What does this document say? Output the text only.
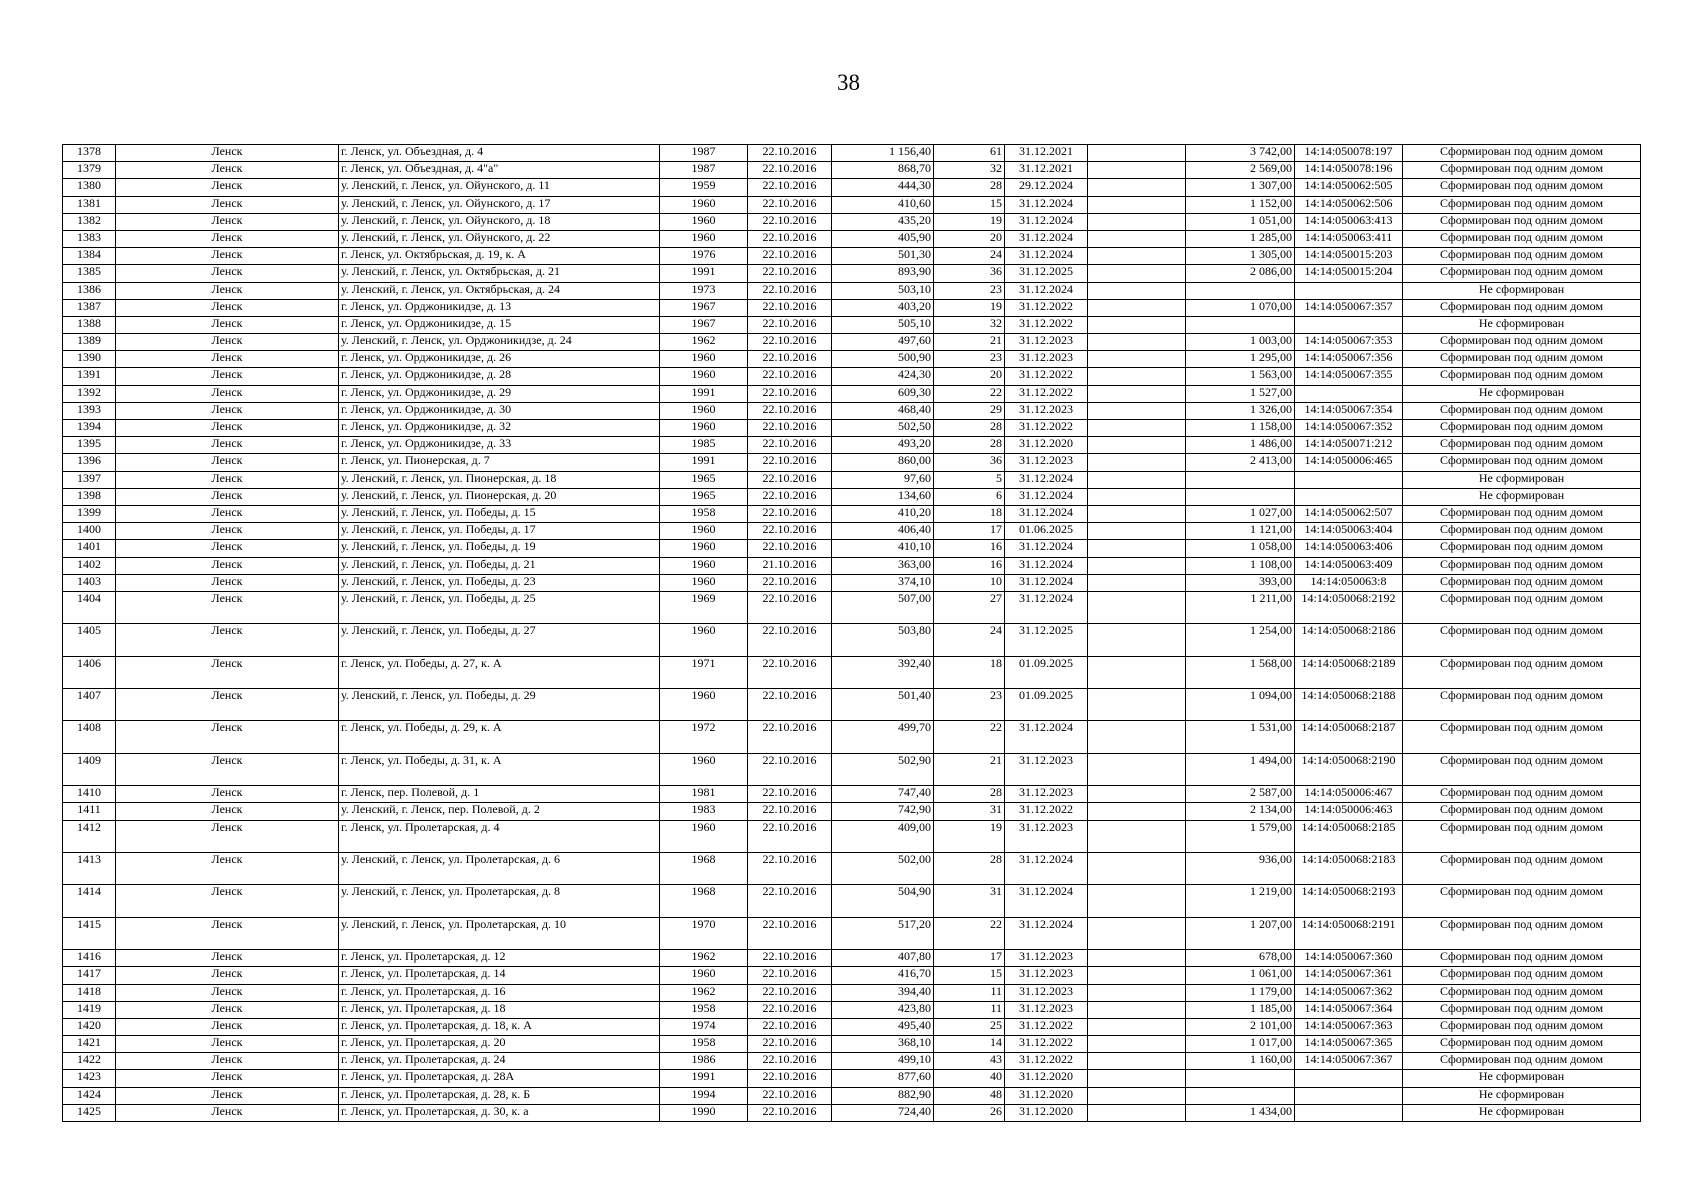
38
1378	Ленск	г. Ленск, ул. Объездная, д. 4	1987	22.10.2016	1 156,40	61	31.12.2021		3 742,00	14:14:050078:197	Сформирован под одним домом
1379	Ленск	г. Ленск, ул. Объездная, д. 4"а"	1987	22.10.2016	868,70	32	31.12.2021		2 569,00	14:14:050078:196	Сформирован под одним домом
1380	Ленск	у. Ленский, г. Ленск, ул. Ойунского, д. 11	1959	22.10.2016	444,30	28	29.12.2024		1 307,00	14:14:050062:505	Сформирован под одним домом
1381	Ленск	у. Ленский, г. Ленск, ул. Ойунского, д. 17	1960	22.10.2016	410,60	15	31.12.2024		1 152,00	14:14:050062:506	Сформирован под одним домом
1382	Ленск	у. Ленский, г. Ленск, ул. Ойунского, д. 18	1960	22.10.2016	435,20	19	31.12.2024		1 051,00	14:14:050063:413	Сформирован под одним домом
1383	Ленск	у. Ленский, г. Ленск, ул. Ойунского, д. 22	1960	22.10.2016	405,90	20	31.12.2024		1 285,00	14:14:050063:411	Сформирован под одним домом
1384	Ленск	г. Ленск, ул. Октябрьская, д. 19, к. А	1976	22.10.2016	501,30	24	31.12.2024		1 305,00	14:14:050015:203	Сформирован под одним домом
1385	Ленск	у. Ленский, г. Ленск, ул. Октябрьская, д. 21	1991	22.10.2016	893,90	36	31.12.2025		2 086,00	14:14:050015:204	Сформирован под одним домом
1386	Ленск	у. Ленский, г. Ленск, ул. Октябрьская, д. 24	1973	22.10.2016	503,10	23	31.12.2024				Не сформирован
1387	Ленск	г. Ленск, ул. Орджоникидзе, д. 13	1967	22.10.2016	403,20	19	31.12.2022		1 070,00	14:14:050067:357	Сформирован под одним домом
1388	Ленск	г. Ленск, ул. Орджоникидзе, д. 15	1967	22.10.2016	505,10	32	31.12.2022				Не сформирован
1389	Ленск	у. Ленский, г. Ленск, ул. Орджоникидзе, д. 24	1962	22.10.2016	497,60	21	31.12.2023		1 003,00	14:14:050067:353	Сформирован под одним домом
1390	Ленск	г. Ленск, ул. Орджоникидзе, д. 26	1960	22.10.2016	500,90	23	31.12.2023		1 295,00	14:14:050067:356	Сформирован под одним домом
1391	Ленск	г. Ленск, ул. Орджоникидзе, д. 28	1960	22.10.2016	424,30	20	31.12.2022		1 563,00	14:14:050067:355	Сформирован под одним домом
1392	Ленск	г. Ленск, ул. Орджоникидзе, д. 29	1991	22.10.2016	609,30	22	31.12.2022		1 527,00		Не сформирован
1393	Ленск	г. Ленск, ул. Орджоникидзе, д. 30	1960	22.10.2016	468,40	29	31.12.2023		1 326,00	14:14:050067:354	Сформирован под одним домом
1394	Ленск	г. Ленск, ул. Орджоникидзе, д. 32	1960	22.10.2016	502,50	28	31.12.2022		1 158,00	14:14:050067:352	Сформирован под одним домом
1395	Ленск	г. Ленск, ул. Орджоникидзе, д. 33	1985	22.10.2016	493,20	28	31.12.2020		1 486,00	14:14:050071:212	Сформирован под одним домом
1396	Ленск	г. Ленск, ул. Пионерская, д. 7	1991	22.10.2016	860,00	36	31.12.2023		2 413,00	14:14:050006:465	Сформирован под одним домом
1397	Ленск	у. Ленский, г. Ленск, ул. Пионерская, д. 18	1965	22.10.2016	97,60	5	31.12.2024				Не сформирован
1398	Ленск	у. Ленский, г. Ленск, ул. Пионерская, д. 20	1965	22.10.2016	134,60	6	31.12.2024				Не сформирован
1399	Ленск	у. Ленский, г. Ленск, ул. Победы, д. 15	1958	22.10.2016	410,20	18	31.12.2024		1 027,00	14:14:050062:507	Сформирован под одним домом
1400	Ленск	у. Ленский, г. Ленск, ул. Победы, д. 17	1960	22.10.2016	406,40	17	01.06.2025		1 121,00	14:14:050063:404	Сформирован под одним домом
1401	Ленск	у. Ленский, г. Ленск, ул. Победы, д. 19	1960	22.10.2016	410,10	16	31.12.2024		1 058,00	14:14:050063:406	Сформирован под одним домом
1402	Ленск	у. Ленский, г. Ленск, ул. Победы, д. 21	1960	21.10.2016	363,00	16	31.12.2024		1 108,00	14:14:050063:409	Сформирован под одним домом
1403	Ленск	у. Ленский, г. Ленск, ул. Победы, д. 23	1960	22.10.2016	374,10	10	31.12.2024		393,00	14:14:050063:8	Сформирован под одним домом
1404	Ленск	у. Ленский, г. Ленск, ул. Победы, д. 25	1969	22.10.2016	507,00	27	31.12.2024		1 211,00	14:14:050068:2192	Сформирован под одним домом
1405	Ленск	у. Ленский, г. Ленск, ул. Победы, д. 27	1960	22.10.2016	503,80	24	31.12.2025		1 254,00	14:14:050068:2186	Сформирован под одним домом
1406	Ленск	г. Ленск, ул. Победы, д. 27, к. А	1971	22.10.2016	392,40	18	01.09.2025		1 568,00	14:14:050068:2189	Сформирован под одним домом
1407	Ленск	у. Ленский, г. Ленск, ул. Победы, д. 29	1960	22.10.2016	501,40	23	01.09.2025		1 094,00	14:14:050068:2188	Сформирован под одним домом
1408	Ленск	г. Ленск, ул. Победы, д. 29, к. А	1972	22.10.2016	499,70	22	31.12.2024		1 531,00	14:14:050068:2187	Сформирован под одним домом
1409	Ленск	г. Ленск, ул. Победы, д. 31, к. А	1960	22.10.2016	502,90	21	31.12.2023		1 494,00	14:14:050068:2190	Сформирован под одним домом
1410	Ленск	г. Ленск, пер. Полевой, д. 1	1981	22.10.2016	747,40	28	31.12.2023		2 587,00	14:14:050006:467	Сформирован под одним домом
1411	Ленск	у. Ленский, г. Ленск, пер. Полевой, д. 2	1983	22.10.2016	742,90	31	31.12.2022		2 134,00	14:14:050006:463	Сформирован под одним домом
1412	Ленск	г. Ленск, ул. Пролетарская, д. 4	1960	22.10.2016	409,00	19	31.12.2023		1 579,00	14:14:050068:2185	Сформирован под одним домом
1413	Ленск	у. Ленский, г. Ленск, ул. Пролетарская, д. 6	1968	22.10.2016	502,00	28	31.12.2024		936,00	14:14:050068:2183	Сформирован под одним домом
1414	Ленск	у. Ленский, г. Ленск, ул. Пролетарская, д. 8	1968	22.10.2016	504,90	31	31.12.2024		1 219,00	14:14:050068:2193	Сформирован под одним домом
1415	Ленск	у. Ленский, г. Ленск, ул. Пролетарская, д. 10	1970	22.10.2016	517,20	22	31.12.2024		1 207,00	14:14:050068:2191	Сформирован под одним домом
1416	Ленск	г. Ленск, ул. Пролетарская, д. 12	1962	22.10.2016	407,80	17	31.12.2023		678,00	14:14:050067:360	Сформирован под одним домом
1417	Ленск	г. Ленск, ул. Пролетарская, д. 14	1960	22.10.2016	416,70	15	31.12.2023		1 061,00	14:14:050067:361	Сформирован под одним домом
1418	Ленск	г. Ленск, ул. Пролетарская, д. 16	1962	22.10.2016	394,40	11	31.12.2023		1 179,00	14:14:050067:362	Сформирован под одним домом
1419	Ленск	г. Ленск, ул. Пролетарская, д. 18	1958	22.10.2016	423,80	11	31.12.2023		1 185,00	14:14:050067:364	Сформирован под одним домом
1420	Ленск	г. Ленск, ул. Пролетарская, д. 18, к. А	1974	22.10.2016	495,40	25	31.12.2022		2 101,00	14:14:050067:363	Сформирован под одним домом
1421	Ленск	г. Ленск, ул. Пролетарская, д. 20	1958	22.10.2016	368,10	14	31.12.2022		1 017,00	14:14:050067:365	Сформирован под одним домом
1422	Ленск	г. Ленск, ул. Пролетарская, д. 24	1986	22.10.2016	499,10	43	31.12.2022		1 160,00	14:14:050067:367	Сформирован под одним домом
1423	Ленск	г. Ленск, ул. Пролетарская, д. 28А	1991	22.10.2016	877,60	40	31.12.2020				Не сформирован
1424	Ленск	г. Ленск, ул. Пролетарская, д. 28, к. Б	1994	22.10.2016	882,90	48	31.12.2020				Не сформирован
1425	Ленск	г. Ленск, ул. Пролетарская, д. 30, к. а	1990	22.10.2016	724,40	26	31.12.2020		1 434,00		Не сформирован
